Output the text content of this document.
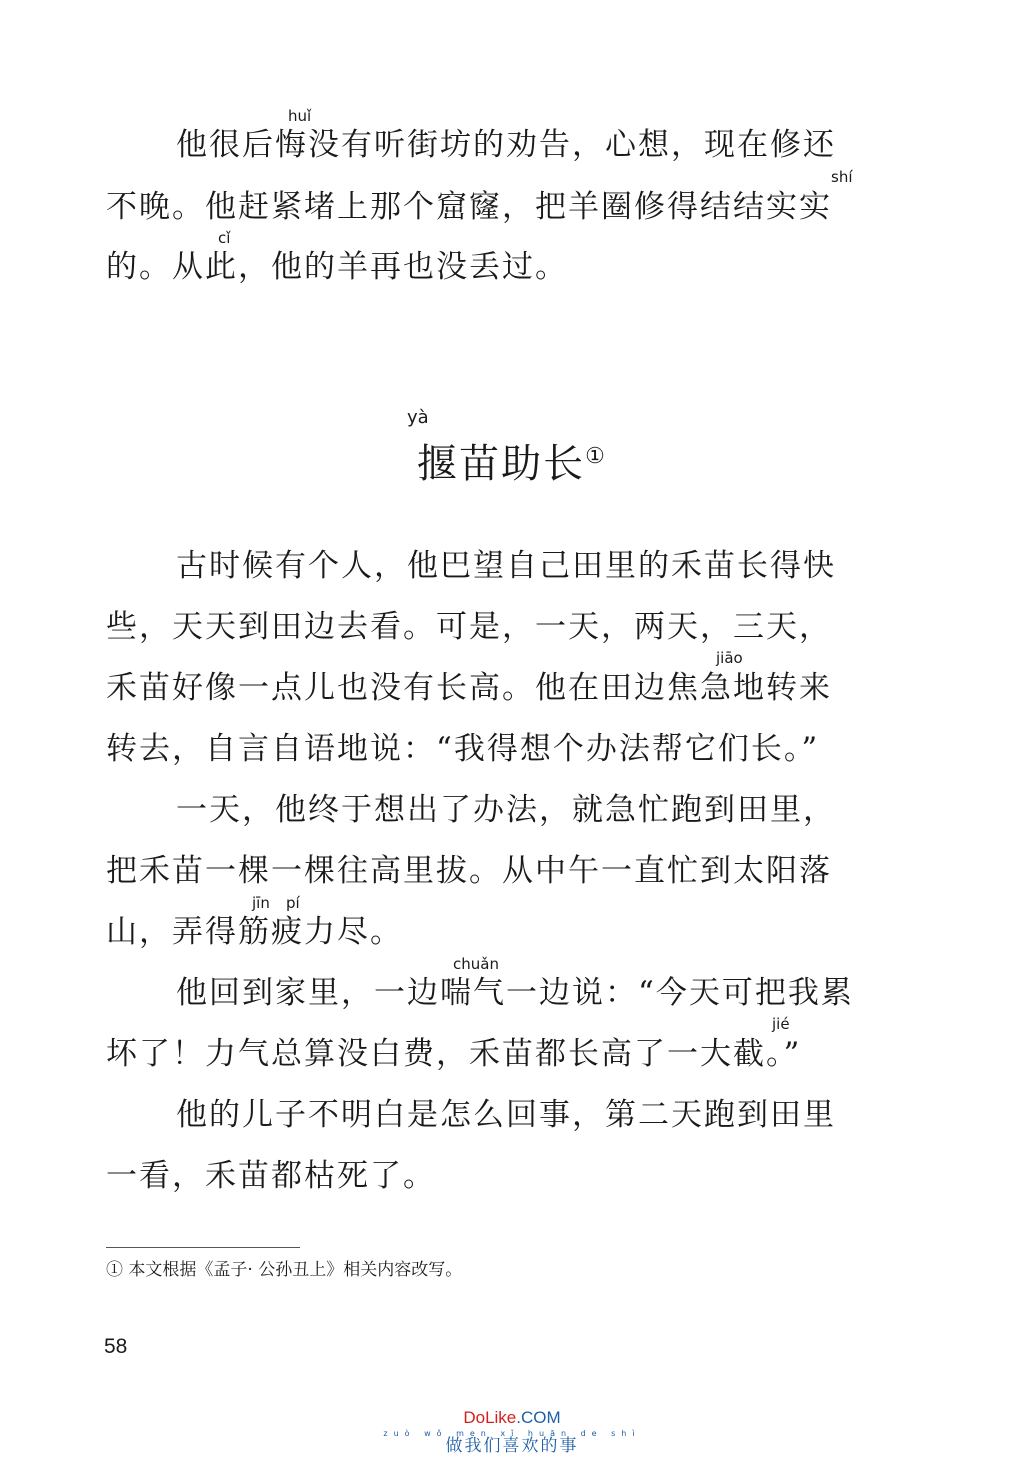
huǐ
他很后悔没有听街坊的劝告，心想，现在修还
shí
不晚。他赶紧堵上那个窟窿，把羊圈修得结结实实
cǐ
的。从此，他的羊再也没丢过。
yà
揠苗助长①
古时候有个人，他巴望自己田里的禾苗长得快
些，天天到田边去看。可是，一天，两天，三天，
jiāo
禾苗好像一点儿也没有长高。他在田边焦急地转来
转去，自言自语地说：“我得想个办法帮它们长。”
一天，他终于想出了办法，就急忙跑到田里，
把禾苗一棵一棵往高里拔。从中午一直忙到太阳落
jīn pí
山，弄得筋疲力尽。
chuǎn
他回到家里，一边喘气一边说：“今天可把我累
jié
坏了！力气总算没白费，禾苗都长高了一大截。”
他的儿子不明白是怎么回事，第二天跑到田里
一看，禾苗都枯死了。
① 本文根据《孟子· 公孙丑上》相关内容改写。
58
DoLike.COM
zuò wǒ men xǐ huān de shì
做我们喜欢的事
